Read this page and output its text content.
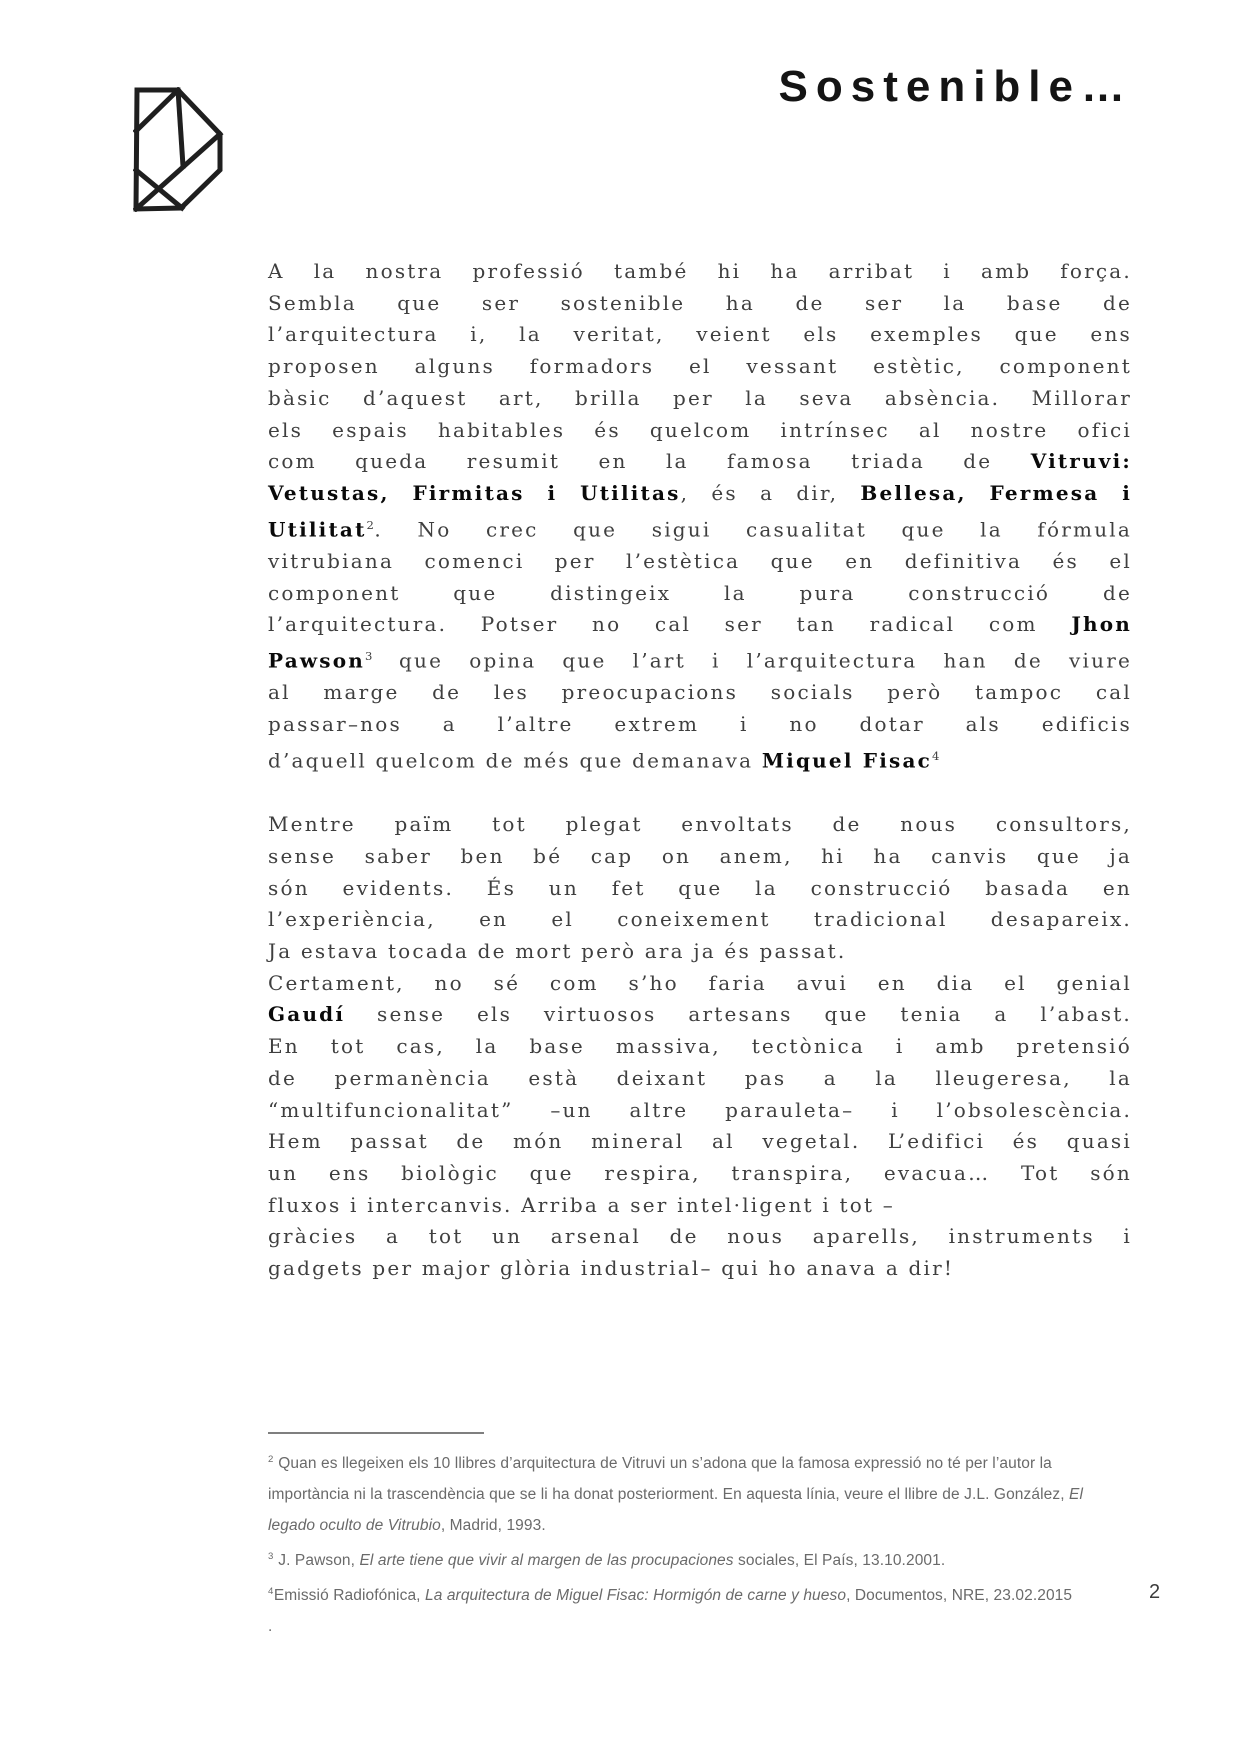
Sostenible…
A la nostra professió també hi ha arribat i amb força.
Sembla que ser sostenible ha de ser la base de
l’arquitectura i, la veritat, veient els exemples que ens
proposen alguns formadors el vessant estètic, component
bàsic d’aquest art, brilla per la seva absència. Millorar
els espais habitables és quelcom intrínsec al nostre ofici
com queda resumit en la famosa triada de Vitruvi:
Vetustas, Firmitas i Utilitas, és a dir, Bellesa, Fermesa i
Utilitat$^2$. No crec que sigui casualitat que la fórmula
vitrubiana comenci per l’estètica que en definitiva és el
component que distingeix la pura construcció de
l’arquitectura. Potser no cal ser tan radical com Jhon
Pawson$^3$ que opina que l’art i l’arquitectura han de viure
al marge de les preocupacions socials però tampoc cal
passar–nos a l’altre extrem i no dotar als edificis
d’aquell quelcom de més que demanava Miquel Fisac$^4$
Mentre païm tot plegat envoltats de nous consultors,
sense saber ben bé cap on anem, hi ha canvis que ja
són evidents. És un fet que la construcció basada en
l’experiència, en el coneixement tradicional desapareix.
Ja estava tocada de mort però ara ja és passat.
Certament, no sé com s’ho faria avui en dia el genial
Gaudí sense els virtuosos artesans que tenia a l’abast.
En tot cas, la base massiva, tectònica i amb pretensió
de permanència està deixant pas a la lleugeresa, la
“multifuncionalitat” –un altre parauleta– i l’obsolescència.
Hem passat de món mineral al vegetal. L’edifici és quasi
un ens biològic que respira, transpira, evacua… Tot són
fluxos i intercanvis. Arriba a ser intel·ligent i tot –
gràcies a tot un arsenal de nous aparells, instruments i
gadgets per major glòria industrial– qui ho anava a dir!
$^2$ Quan es llegeixen els 10 llibres d’arquitectura de Vitruvi un s’adona que la famosa expressió no té per l’autor la importància ni la trascendència que se li ha donat posteriorment. En aquesta línia, veure el llibre de J.L. González, El legado oculto de Vitrubio, Madrid, 1993.
$^3$ J. Pawson, El arte tiene que vivir al margen de las procupaciones sociales, El País, 13.10.2001.
$^4$Emissió Radiofónica, La arquitectura de Miguel Fisac: Hormigón de carne y hueso, Documentos, NRE, 23.02.2015
.
2
